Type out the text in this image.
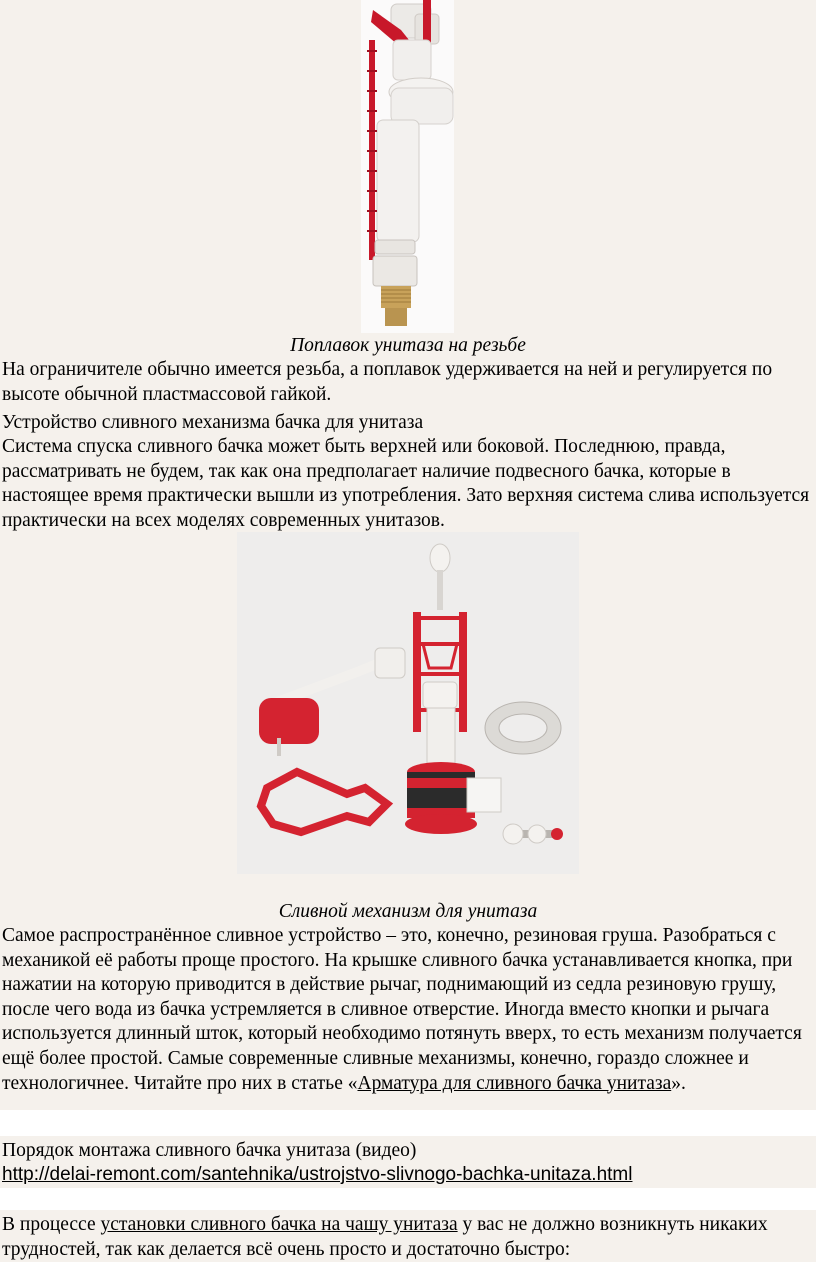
Поплавок унитаза на резьбе

На ограничителе обычно имеется резьба, а поплавок удерживается на ней и регулируется по высоте обычной пластмассовой гайкой.

Устройство сливного механизма бачка для унитаза

Система спуска сливного бачка может быть верхней или боковой. Последнюю, правда, рассматривать не будем, так как она предполагает наличие подвесного бачка, которые в настоящее время практически вышли из употребления. Зато верхняя система слива используется практически на всех моделях современных унитазов.

Сливной механизм для унитаза

Самое распространённое сливное устройство – это, конечно, резиновая груша. Разобраться с механикой её работы проще простого. На крышке сливного бачка устанавливается кнопка, при нажатии на которую приводится в действие рычаг, поднимающий из седла резиновую грушу, после чего вода из бачка устремляется в сливное отверстие. Иногда вместо кнопки и рычага используется длинный шток, который необходимо потянуть вверх, то есть механизм получается ещё более простой. Самые современные сливные механизмы, конечно, гораздо сложнее и технологичнее. Читайте про них в статье «Арматура для сливного бачка унитаза».

Порядок монтажа сливного бачка унитаза (видео)

http://delai-remont.com/santehnika/ustrojstvo-slivnogo-bachka-unitaza.html

В процессе установки сливного бачка на чашу унитаза у вас не должно возникнуть никаких трудностей, так как делается всё очень просто и достаточно быстро:
